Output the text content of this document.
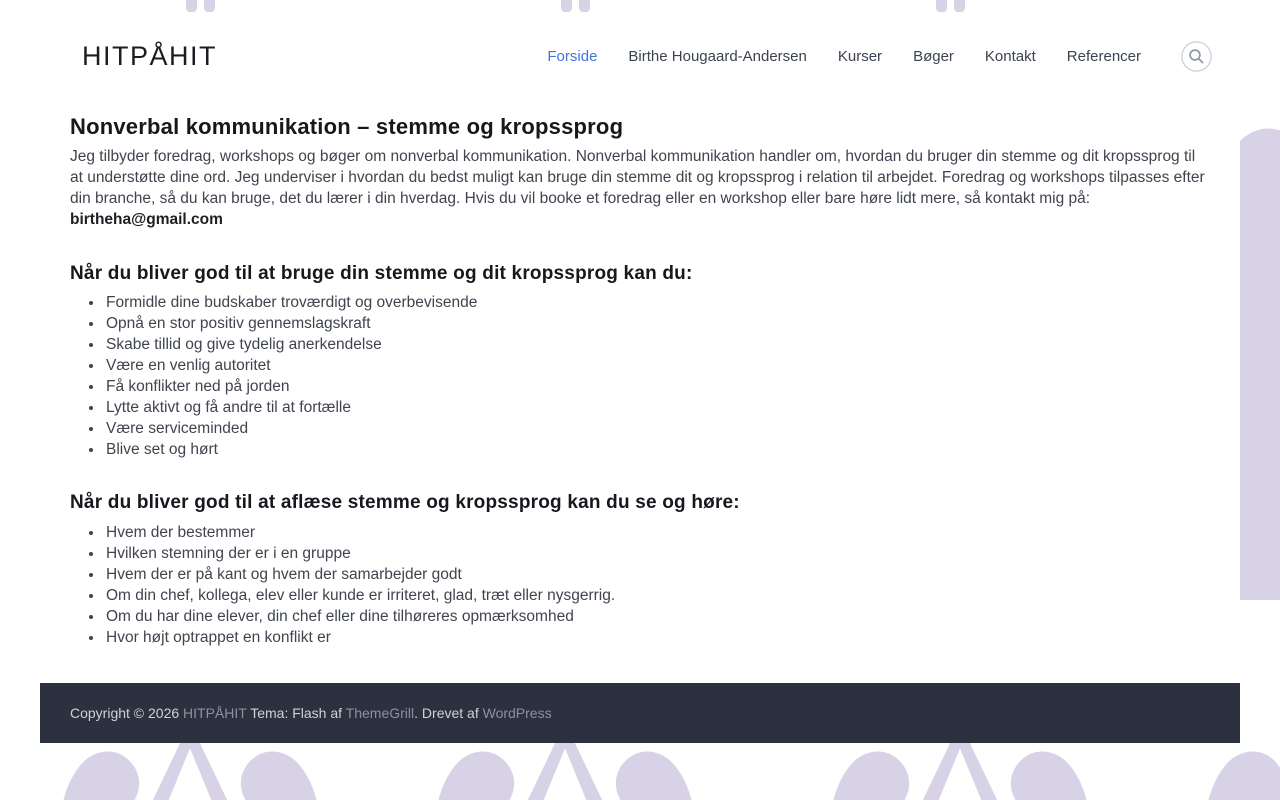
HITPÅHIT	Forside Birthe Hougaard-Andersen Kurser Bøger Kontakt Referencer
Nonverbal kommunikation – stemme og kropssprog

Jeg tilbyder foredrag, workshops og bøger om nonverbal kommunikation. Nonverbal kommunikation handler om, hvordan du bruger din stemme og dit kropssprog til at understøtte dine ord. Jeg underviser i hvordan du bedst muligt kan bruge din stemme dit og kropssprog i relation til arbejdet. Foredrag og workshops tilpasses efter din branche, så du kan bruge, det du lærer i din hverdag. Hvis du vil booke et foredrag eller en workshop eller bare høre lidt mere, så kontakt mig på: birtheha@gmail.com

Når du bliver god til at bruge din stemme og dit kropssprog kan du:
• Formidle dine budskaber troværdigt og overbevisende
• Opnå en stor positiv gennemslagskraft
• Skabe tillid og give tydelig anerkendelse
• Være en venlig autoritet
• Få konflikter ned på jorden
• Lytte aktivt og få andre til at fortælle
• Være serviceminded
• Blive set og hørt
Når du bliver god til at aflæse stemme og kropssprog kan du se og høre:
• Hvem der bestemmer
• Hvilken stemning der er i en gruppe
• Hvem der er på kant og hvem der samarbejder godt
• Om din chef, kollega, elev eller kunde er irriteret, glad, træt eller nysgerrig.
• Om du har dine elever, din chef eller dine tilhøreres opmærksomhed
• Hvor højt optrappet en konflikt er

Copyright © 2026 HITPÅHIT Tema: Flash af ThemeGrill. Drevet af WordPress
